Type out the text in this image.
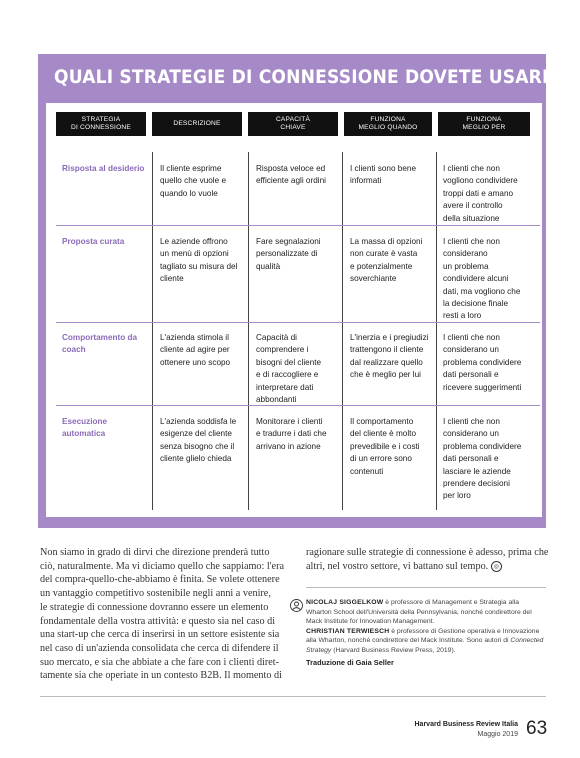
QUALI STRATEGIE DI CONNESSIONE DOVETE USARE?
STRATEGIA
DI CONNESSIONE
DESCRIZIONE
CAPACITÀ
CHIAVE
FUNZIONA
MEGLIO QUANDO
FUNZIONA
MEGLIO PER
Risposta al desiderio Il cliente esprime
quello che vuole e
quando lo vuole
Risposta veloce ed
efficiente agli ordini
I clienti sono bene
informati
I clienti che non
vogliono condividere
troppi dati e amano
avere il controllo
della situazione
Proposta curata	Le aziende offrono
un menù di opzioni
tagliato su misura del
cliente
Fare segnalazioni
personalizzate di
qualità
La massa di opzioni
non curate è vasta
e potenzialmente
soverchiante
I clienti che non
considerano
un problema
condividere alcuni
dati, ma vogliono che
la decisione finale
resti a loro
Comportamento da
coach
L'azienda stimola il
cliente ad agire per
ottenere uno scopo
Capacità di
comprendere i
bisogni del cliente
e di raccogliere e
interpretare dati
abbondanti
L'inerzia e i pregiudizi
trattengono il cliente
dal realizzare quello
che è meglio per lui
I clienti che non
considerano un
problema condividere
dati personali e
ricevere suggerimenti
Esecuzione
automatica
L'azienda soddisfa le
esigenze del cliente
senza bisogno che il
cliente glielo chieda
Monitorare i clienti
e tradurre i dati che
arrivano in azione
Il comportamento
del cliente è molto
prevedibile e i costi
di un errore sono
contenuti
I clienti che non
considerano un
problema condividere
dati personali e
lasciare le aziende
prendere decisioni
per loro
Non siamo in grado di dirvi che direzione prenderà tutto
ciò, naturalmente. Ma vi diciamo quello che sappiamo: l'era
del compra-quello-che-abbiamo è finita. Se volete ottenere
un vantaggio competitivo sostenibile negli anni a venire,
le strategie di connessione dovranno essere un elemento
fondamentale della vostra attività: e questo sia nel caso di
una start-up che cerca di inserirsi in un settore esistente sia
nel caso di un'azienda consolidata che cerca di difendere il
suo mercato, e sia che abbiate a che fare con i clienti diret-
tamente sia che operiate in un contesto B2B. Il momento di
ragionare sulle strategie di connessione è adesso, prima che
altri, nel vostro settore, vi battano sul tempo. ◎
NICOLAJ SIGGELKOW è professore di Management e Strategia alla Wharton School dell'Università della Pennsylvania, nonché condirettore del Mack Institute for Innovation Management.
CHRISTIAN TERWIESCH è professore di Gestione operativa e Innovazione alla Wharton, nonché condirettore del Mack Institute. Sono autori di Connected Strategy (Harvard Business Review Press, 2019).
Traduzione di Gaia Seller
Harvard Business Review Italia
Maggio 2019 63
